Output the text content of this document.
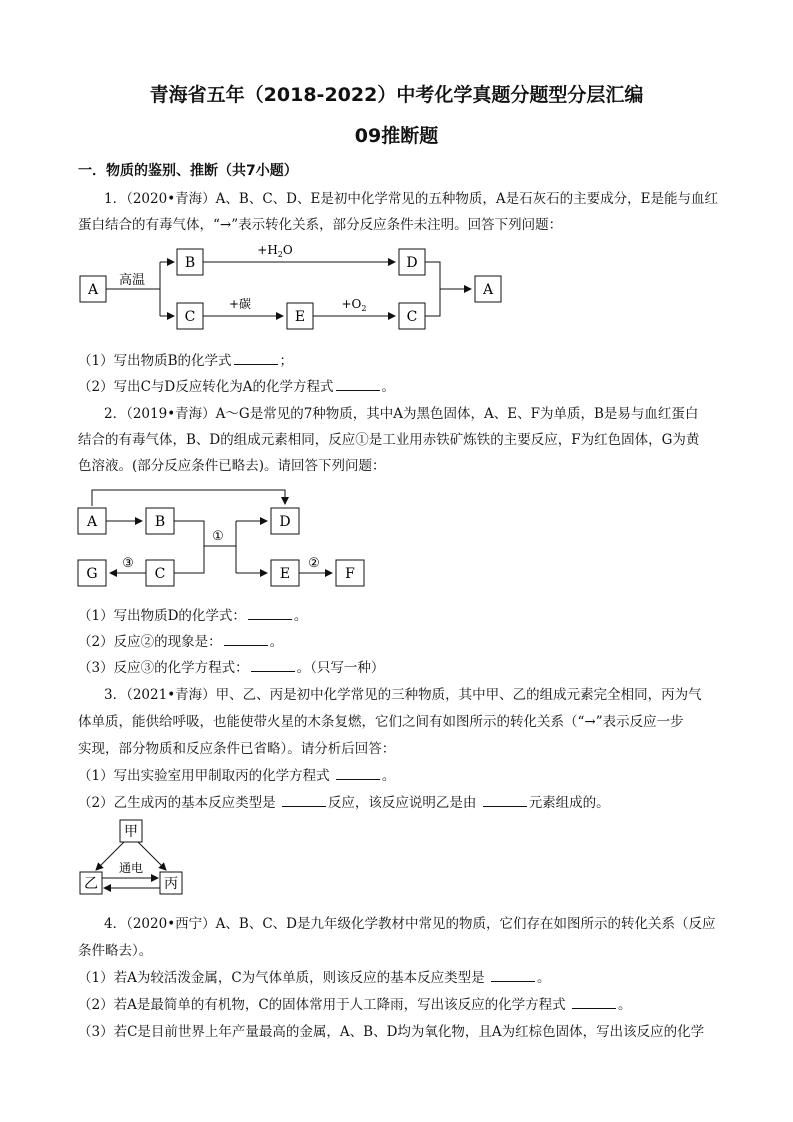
青海省五年（2018-2022）中考化学真题分题型分层汇编
09推断题
一．物质的鉴别、推断（共7小题）
1．（2020•青海）A、B、C、D、E是初中化学常见的五种物质，A是石灰石的主要成分，E是能与血红
蛋白结合的有毒气体，“→”表示转化关系，部分反应条件未注明。回答下列问题：
A
高温
B
C
$+H_2O$
D
+碳
E
$+O_2$
C
A
（1）写出物质B的化学式	；
（2）写出C与D反应转化为A的化学方程式	。
2．（2019•青海）A～G是常见的7种物质，其中A为黑色固体，A、E、F为单质，B是易与血红蛋白
结合的有毒气体，B、D的组成元素相同，反应①是工业用赤铁矿炼铁的主要反应，F为红色固体，G为黄
色溶液。(部分反应条件已略去)。请回答下列问题：
A	B
C
①
D
E
②
F
③
G
（1）写出物质D的化学式：	。
（2）反应②的现象是：	。
（3）反应③的化学方程式：	。（只写一种）
3．（2021•青海）甲、乙、丙是初中化学常见的三种物质，其中甲、乙的组成元素完全相同，丙为气
体单质，能供给呼吸，也能使带火星的木条复燃，它们之间有如图所示的转化关系（“→”表示反应一步
实现，部分物质和反应条件已省略）。请分析后回答：
（1）写出实验室用甲制取丙的化学方程式	。
（2）乙生成丙的基本反应类型是	反应，该反应说明乙是由	元素组成的。
甲
乙	丙
通电
4．（2020•西宁）A、B、C、D是九年级化学教材中常见的物质，它们存在如图所示的转化关系（反应
条件略去）。
（1）若A为较活泼金属，C为气体单质，则该反应的基本反应类型是	。
（2）若A是最简单的有机物，C的固体常用于人工降雨，写出该反应的化学方程式	。
（3）若C是目前世界上年产量最高的金属，A、B、D均为氧化物，且A为红棕色固体，写出该反应的化学
